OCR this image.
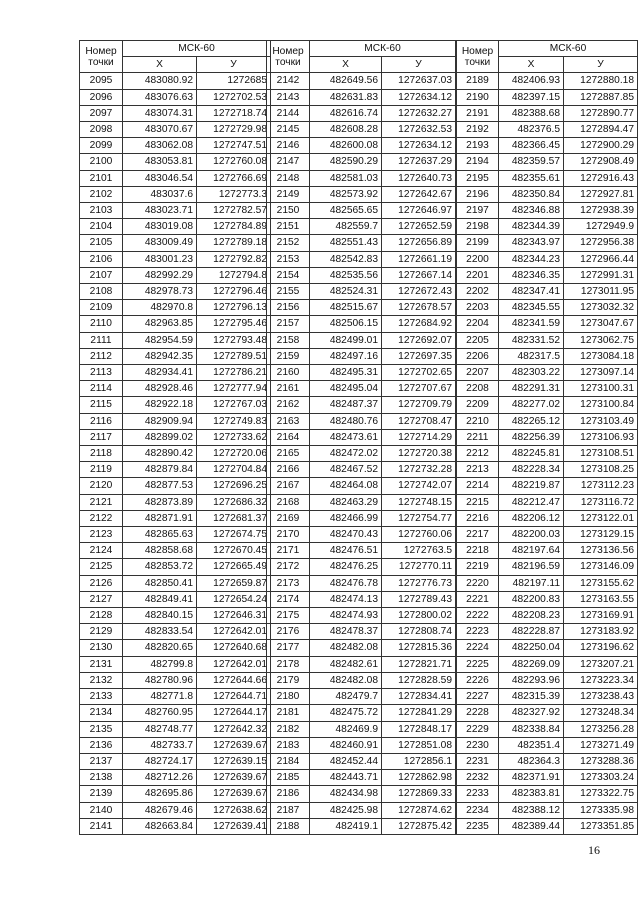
Номер
точки	МСК-60	
	Х	У
2095	483080.92	1272685
2096	483076.63	1272702.53
2097	483074.31	1272718.74
2098	483070.67	1272729.98
2099	483062.08	1272747.51
2100	483053.81	1272760.08
2101	483046.54	1272766.69
2102	483037.6	1272773.3
2103	483023.71	1272782.57
2104	483019.08	1272784.89
2105	483009.49	1272789.18
2106	483001.23	1272792.82
2107	482992.29	1272794.8
2108	482978.73	1272796.46
2109	482970.8	1272796.13
2110	482963.85	1272795.46
2111	482954.59	1272793.48
2112	482942.35	1272789.51
2113	482934.41	1272786.21
2114	482928.46	1272777.94
2115	482922.18	1272767.03
2116	482909.94	1272749.83
2117	482899.02	1272733.62
2118	482890.42	1272720.06
2119	482879.84	1272704.84
2120	482877.53	1272696.25
2121	482873.89	1272686.32
2122	482871.91	1272681.37
2123	482865.63	1272674.75
2124	482858.68	1272670.45
2125	482853.72	1272665.49
2126	482850.41	1272659.87
2127	482849.41	1272654.24
2128	482840.15	1272646.31
2129	482833.54	1272642.01
2130	482820.65	1272640.68
2131	482799.8	1272642.01
2132	482780.96	1272644.66
2133	482771.8	1272644.71
2134	482760.95	1272644.17
2135	482748.77	1272642.32
2136	482733.7	1272639.67
2137	482724.17	1272639.15
2138	482712.26	1272639.67
2139	482695.86	1272639.67
2140	482679.46	1272638.62
2141	482663.84	1272639.41
Номер
точки	МСК-60	
	Х	У
2142	482649.56	1272637.03
2143	482631.83	1272634.12
2144	482616.74	1272632.27
2145	482608.28	1272632.53
2146	482600.08	1272634.12
2147	482590.29	1272637.29
2148	482581.03	1272640.73
2149	482573.92	1272642.67
2150	482565.65	1272646.97
2151	482559.7	1272652.59
2152	482551.43	1272656.89
2153	482542.83	1272661.19
2154	482535.56	1272667.14
2155	482524.31	1272672.43
2156	482515.67	1272678.57
2157	482506.15	1272684.92
2158	482499.01	1272692.07
2159	482497.16	1272697.35
2160	482495.31	1272702.65
2161	482495.04	1272707.67
2162	482487.37	1272709.79
2163	482480.76	1272708.47
2164	482473.61	1272714.29
2165	482472.02	1272720.38
2166	482467.52	1272732.28
2167	482464.08	1272742.07
2168	482463.29	1272748.15
2169	482466.99	1272754.77
2170	482470.43	1272760.06
2171	482476.51	1272763.5
2172	482476.25	1272770.11
2173	482476.78	1272776.73
2174	482474.13	1272789.43
2175	482474.93	1272800.02
2176	482478.37	1272808.74
2177	482482.08	1272815.36
2178	482482.61	1272821.71
2179	482482.08	1272828.59
2180	482479.7	1272834.41
2181	482475.72	1272841.29
2182	482469.9	1272848.17
2183	482460.91	1272851.08
2184	482452.44	1272856.1
2185	482443.71	1272862.98
2186	482434.98	1272869.33
2187	482425.98	1272874.62
2188	482419.1	1272875.42
Номер
точки	МСК-60	
	Х	У
2189	482406.93	1272880.18
2190	482397.15	1272887.85
2191	482388.68	1272890.77
2192	482376.5	1272894.47
2193	482366.45	1272900.29
2194	482359.57	1272908.49
2195	482355.61	1272916.43
2196	482350.84	1272927.81
2197	482346.88	1272938.39
2198	482344.39	1272949.9
2199	482343.97	1272956.38
2200	482344.23	1272966.44
2201	482346.35	1272991.31
2202	482347.41	1273011.95
2203	482345.55	1273032.32
2204	482341.59	1273047.67
2205	482331.52	1273062.75
2206	482317.5	1273084.18
2207	482303.22	1273097.14
2208	482291.31	1273100.31
2209	482277.02	1273100.84
2210	482265.12	1273103.49
2211	482256.39	1273106.93
2212	482245.81	1273108.51
2213	482228.34	1273108.25
2214	482219.87	1273112.23
2215	482212.47	1273116.72
2216	482206.12	1273122.01
2217	482200.03	1273129.15
2218	482197.64	1273136.56
2219	482196.59	1273146.09
2220	482197.11	1273155.62
2221	482200.83	1273163.55
2222	482208.23	1273169.91
2223	482228.87	1273183.92
2224	482250.04	1273196.62
2225	482269.09	1273207.21
2226	482293.96	1273223.34
2227	482315.39	1273238.43
2228	482327.92	1273248.34
2229	482338.84	1273256.28
2230	482351.4	1273271.49
2231	482364.3	1273288.36
2232	482371.91	1273303.24
2233	482383.81	1273322.75
2234	482388.12	1273335.98
2235	482389.44	1273351.85
16
